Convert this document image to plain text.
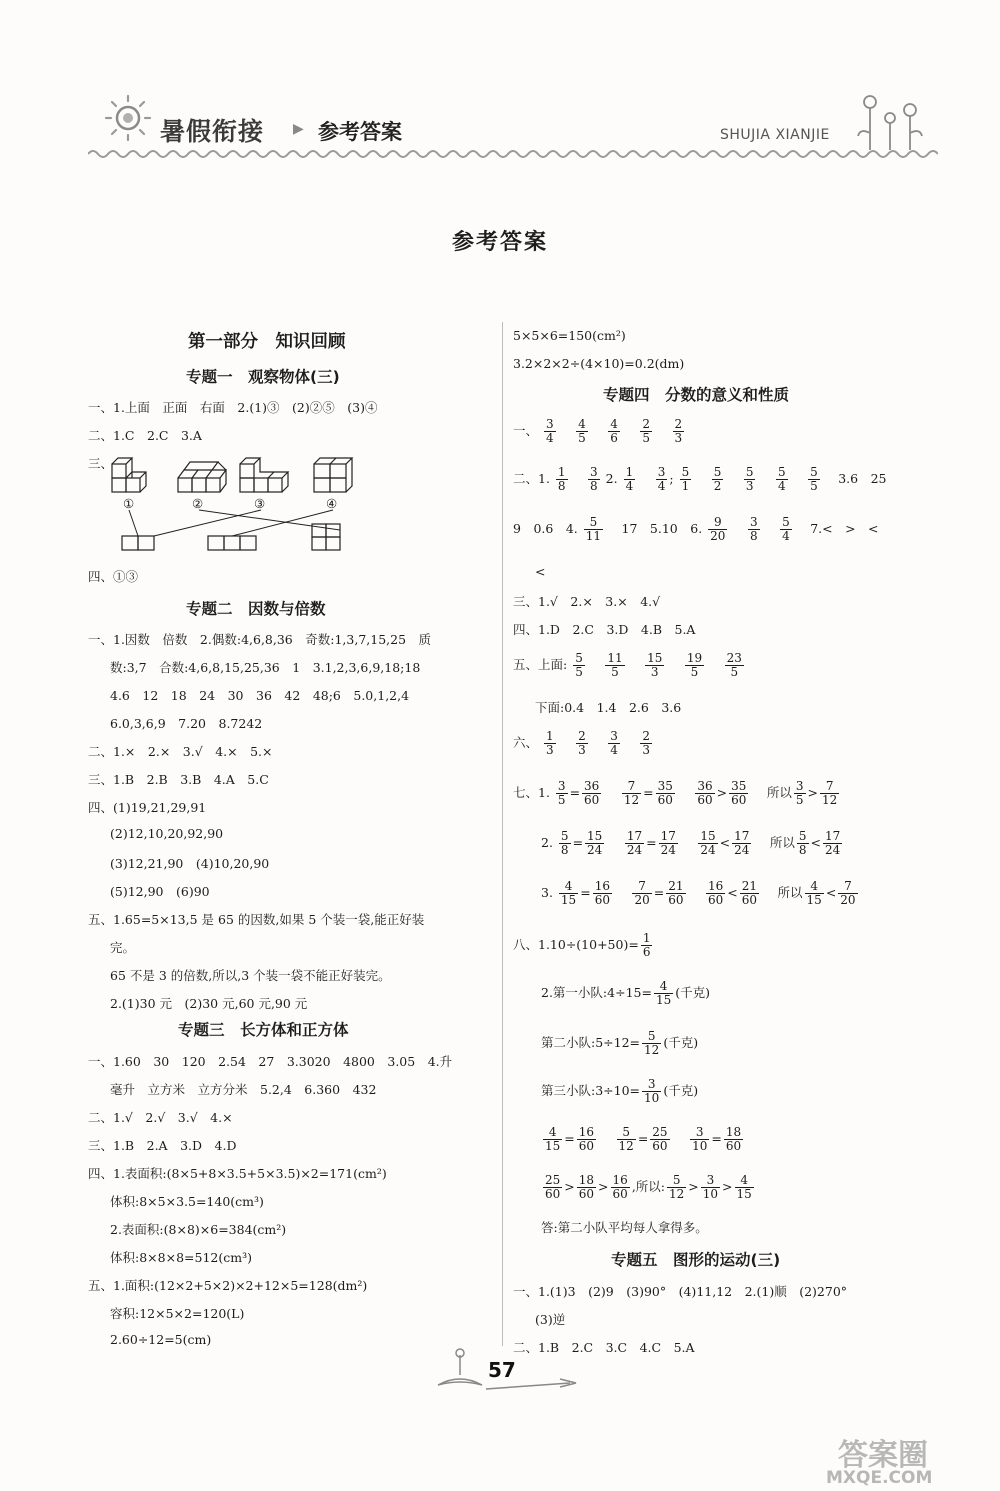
暑假衔接 ▶ 参考答案	SHUJIA XIANJIE
参考答案
第一部分　知识回顾
专题一　观察物体(三)
一、1.上面　正面　右面　2.(1)③　(2)②⑤　(3)④
二、1.C　2.C　3.A
三、
①	②	③	④
四、①③
专题二　因数与倍数
一、1.因数　倍数　2.偶数:4,6,8,36　奇数:1,3,7,15,25　质
数:3,7　合数:4,6,8,15,25,36　1　3.1,2,3,6,9,18;18
4.6　12　18　24　30　36　42　48;6　5.0,1,2,4
6.0,3,6,9　7.20　8.7242
二、1.×　2.×　3.√　4.×　5.×
三、1.B　2.B　3.B　4.A　5.C
四、(1)19,21,29,91
(2)12,10,20,92,90
(3)12,21,90　(4)10,20,90
(5)12,90　(6)90
五、1.65=5×13,5 是 65 的因数,如果 5 个装一袋,能正好装
完。
65 不是 3 的倍数,所以,3 个装一袋不能正好装完。
2.(1)30 元　(2)30 元,60 元,90 元
专题三　长方体和正方体
一、1.60　30　120　2.54　27　3.3020　4800　3.05　4.升
毫升　立方米　立方分米　5.2,4　6.360　432
二、1.√　2.√　3.√　4.×
三、1.B　2.A　3.D　4.D
四、1.表面积:(8×5+8×3.5+5×3.5)×2=171(cm²)
体积:8×5×3.5=140(cm³)
2.表面积:(8×8)×6=384(cm²)
体积:8×8×8=512(cm³)
五、1.面积:(12×2+5×2)×2+12×5=128(dm²)
容积:12×5×2=120(L)
2.60÷12=5(cm)
5×5×6=150(cm²)
3.2×2×2÷(4×10)=0.2(dm)
专题四　分数的意义和性质
一、 $\frac{3}{4}$
　 $\frac{4}{5}$
　 $\frac{4}{6}$
　 $\frac{2}{5}$
　 $\frac{2}{3}$
二、1. $\frac{1}{8}$
　 $\frac{3}{8} 2$. $\frac{1}{4}$
　 $\frac{3}{4}$ ; $\frac{5}{1}$
　 $\frac{5}{2}$
　 $\frac{5}{3}$
　 $\frac{5}{4}$
　 $\frac{5}{5}$
　 3.6　25
9　0.6　4. $\frac{5}{11}$
　 17　5.10　6. $\frac{9}{20}$
　 $\frac{3}{8}$
　 $\frac{5}{4}$
　 7.<　>　<
<
三、1.√　2.×　3.×　4.√
四、1.D　2.C　3.D　4.B　5.A
五、上面: $\frac{5}{5}$
　 $\frac{11}{5}$
　 $\frac{15}{3}$
　 $\frac{19}{5}$
　 $\frac{23}{5}$
下面:0.4　1.4　2.6　3.6
六、 $\frac{1}{3}$
　 $\frac{2}{3}$
　 $\frac{3}{4}$
　 $\frac{2}{3}$
七、1. $\frac{3}{5} = \frac{36}{60}$
　 $\frac{7}{12} = \frac{35}{60}$
　 $\frac{36}{60} > \frac{35}{60}$
　 所以 $\frac{3}{5} > \frac{7}{12}$
2. $\frac{5}{8} = \frac{15}{24}$
　 $\frac{17}{24} = \frac{17}{24}$
　 $\frac{15}{24} < \frac{17}{24}$
　 所以 $\frac{5}{8} < \frac{17}{24}$
3. $\frac{4}{15} = \frac{16}{60}$
　 $\frac{7}{20} = \frac{21}{60}$
　 $\frac{16}{60} < \frac{21}{60}$
　 所以 $\frac{4}{15} < \frac{7}{20}$
八、$1.10\div(10+50)= \frac{1}{6}$
2.第一小队:4÷15= $\frac{4}{15}$ (千克)
第二小队:5÷12= $\frac{5}{12}$ (千克)
第三小队:3÷10= $\frac{3}{10}$ (千克)
$\frac{4}{15} = \frac{16}{60}$
　 $\frac{5}{12} = \frac{25}{60}$
　 $\frac{3}{10} = \frac{18}{60}$
$\frac{25}{60} > \frac{18}{60} > \frac{16}{60}$ ,所以: $\frac{5}{12} > \frac{3}{10} > \frac{4}{15}$
答:第二小队平均每人拿得多。
专题五　图形的运动(三)
一、1.(1)3　(2)9　(3)90°　(4)11,12　2.(1)顺　(2)270°
(3)逆
二、1.B　2.C　3.C　4.C　5.A
57
答案圈
MXQE.COM
